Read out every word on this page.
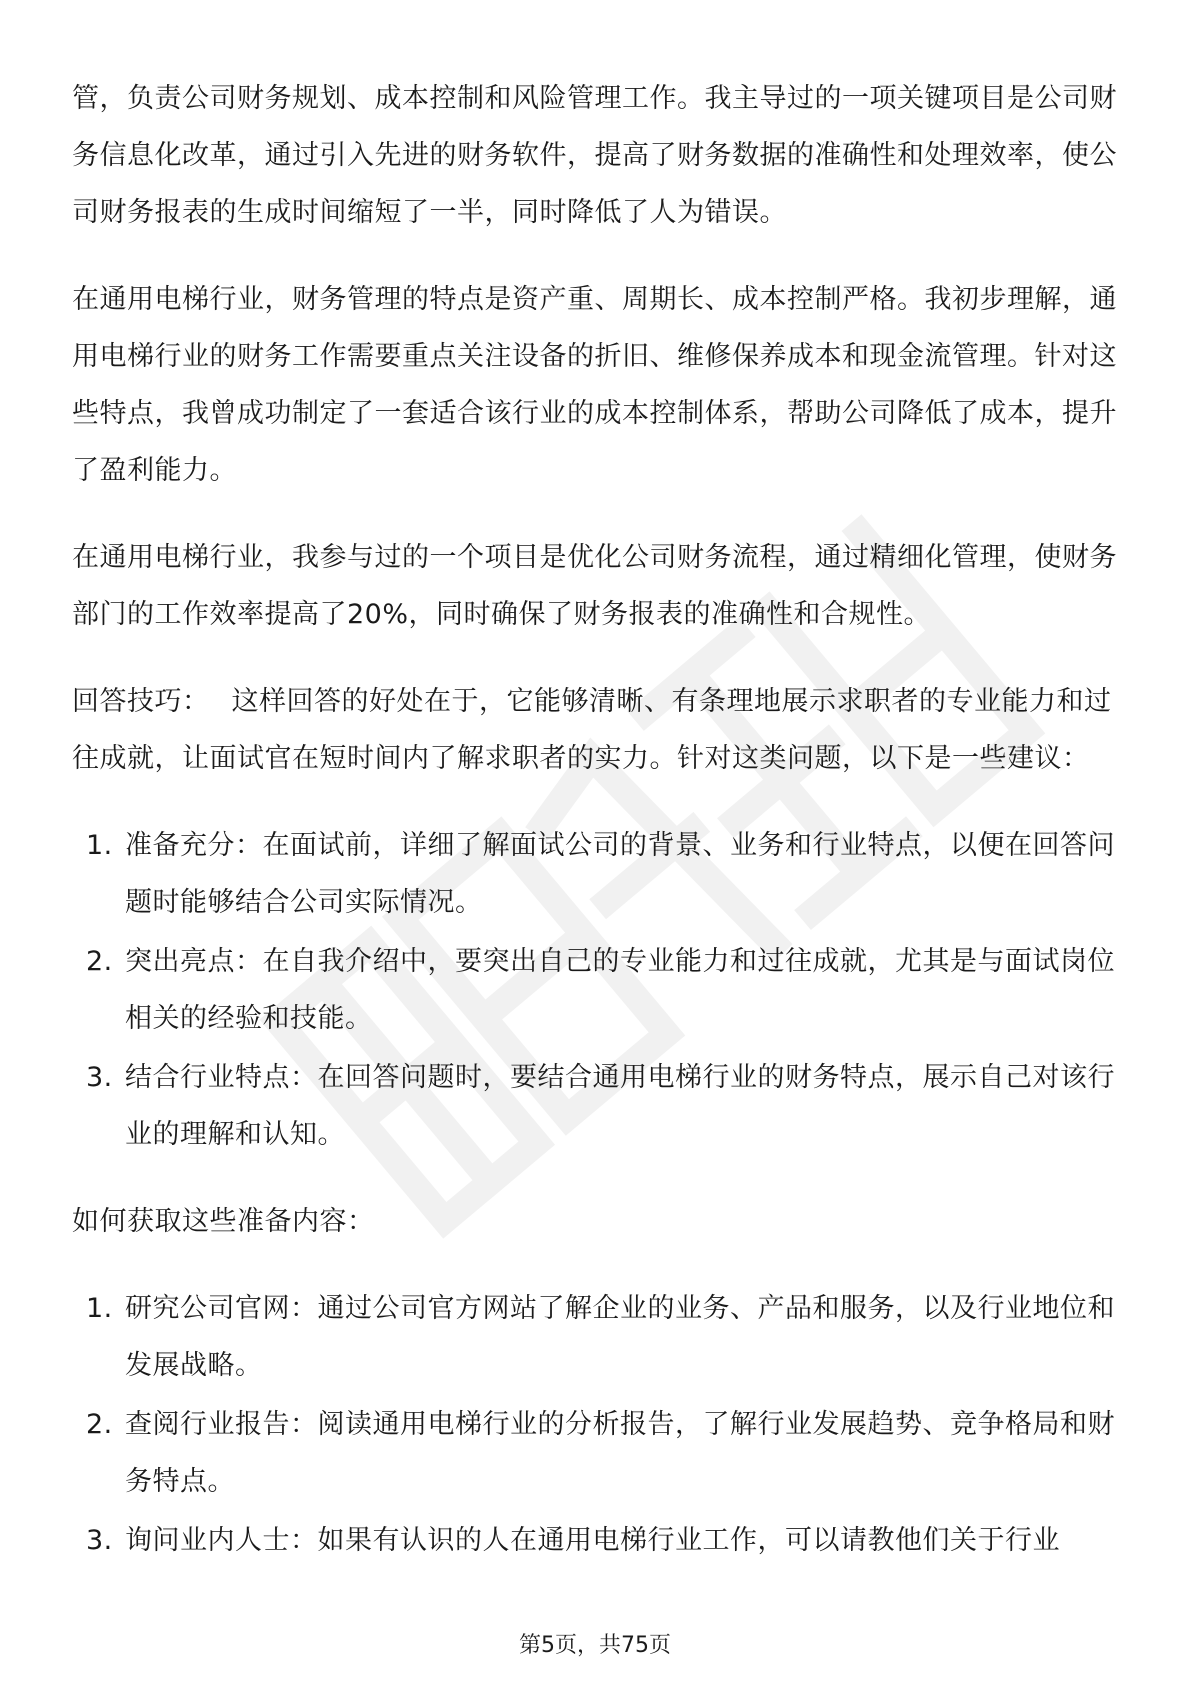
管，负责公司财务规划、成本控制和风险管理工作。我主导过的一项关键项目是公司财务信息化改革，通过引入先进的财务软件，提高了财务数据的准确性和处理效率，使公司财务报表的生成时间缩短了一半，同时降低了人为错误。

在通用电梯行业，财务管理的特点是资产重、周期长、成本控制严格。我初步理解，通用电梯行业的财务工作需要重点关注设备的折旧、维修保养成本和现金流管理。针对这些特点，我曾成功制定了一套适合该行业的成本控制体系，帮助公司降低了成本，提升了盈利能力。

在通用电梯行业，我参与过的一个项目是优化公司财务流程，通过精细化管理，使财务部门的工作效率提高了20%，同时确保了财务报表的准确性和合规性。

回答技巧： 这样回答的好处在于，它能够清晰、有条理地展示求职者的专业能力和过往成就，让面试官在短时间内了解求职者的实力。针对这类问题，以下是一些建议：

1. 准备充分：在面试前，详细了解面试公司的背景、业务和行业特点，以便在回答问题时能够结合公司实际情况。
2. 突出亮点：在自我介绍中，要突出自己的专业能力和过往成就，尤其是与面试岗位相关的经验和技能。
3. 结合行业特点：在回答问题时，要结合通用电梯行业的财务特点，展示自己对该行业的理解和认知。

如何获取这些准备内容：

1. 研究公司官网：通过公司官方网站了解企业的业务、产品和服务，以及行业地位和发展战略。
2. 查阅行业报告：阅读通用电梯行业的分析报告，了解行业发展趋势、竞争格局和财务特点。
3. 询问业内人士：如果有认识的人在通用电梯行业工作，可以请教他们关于行业
第5页，共75页
